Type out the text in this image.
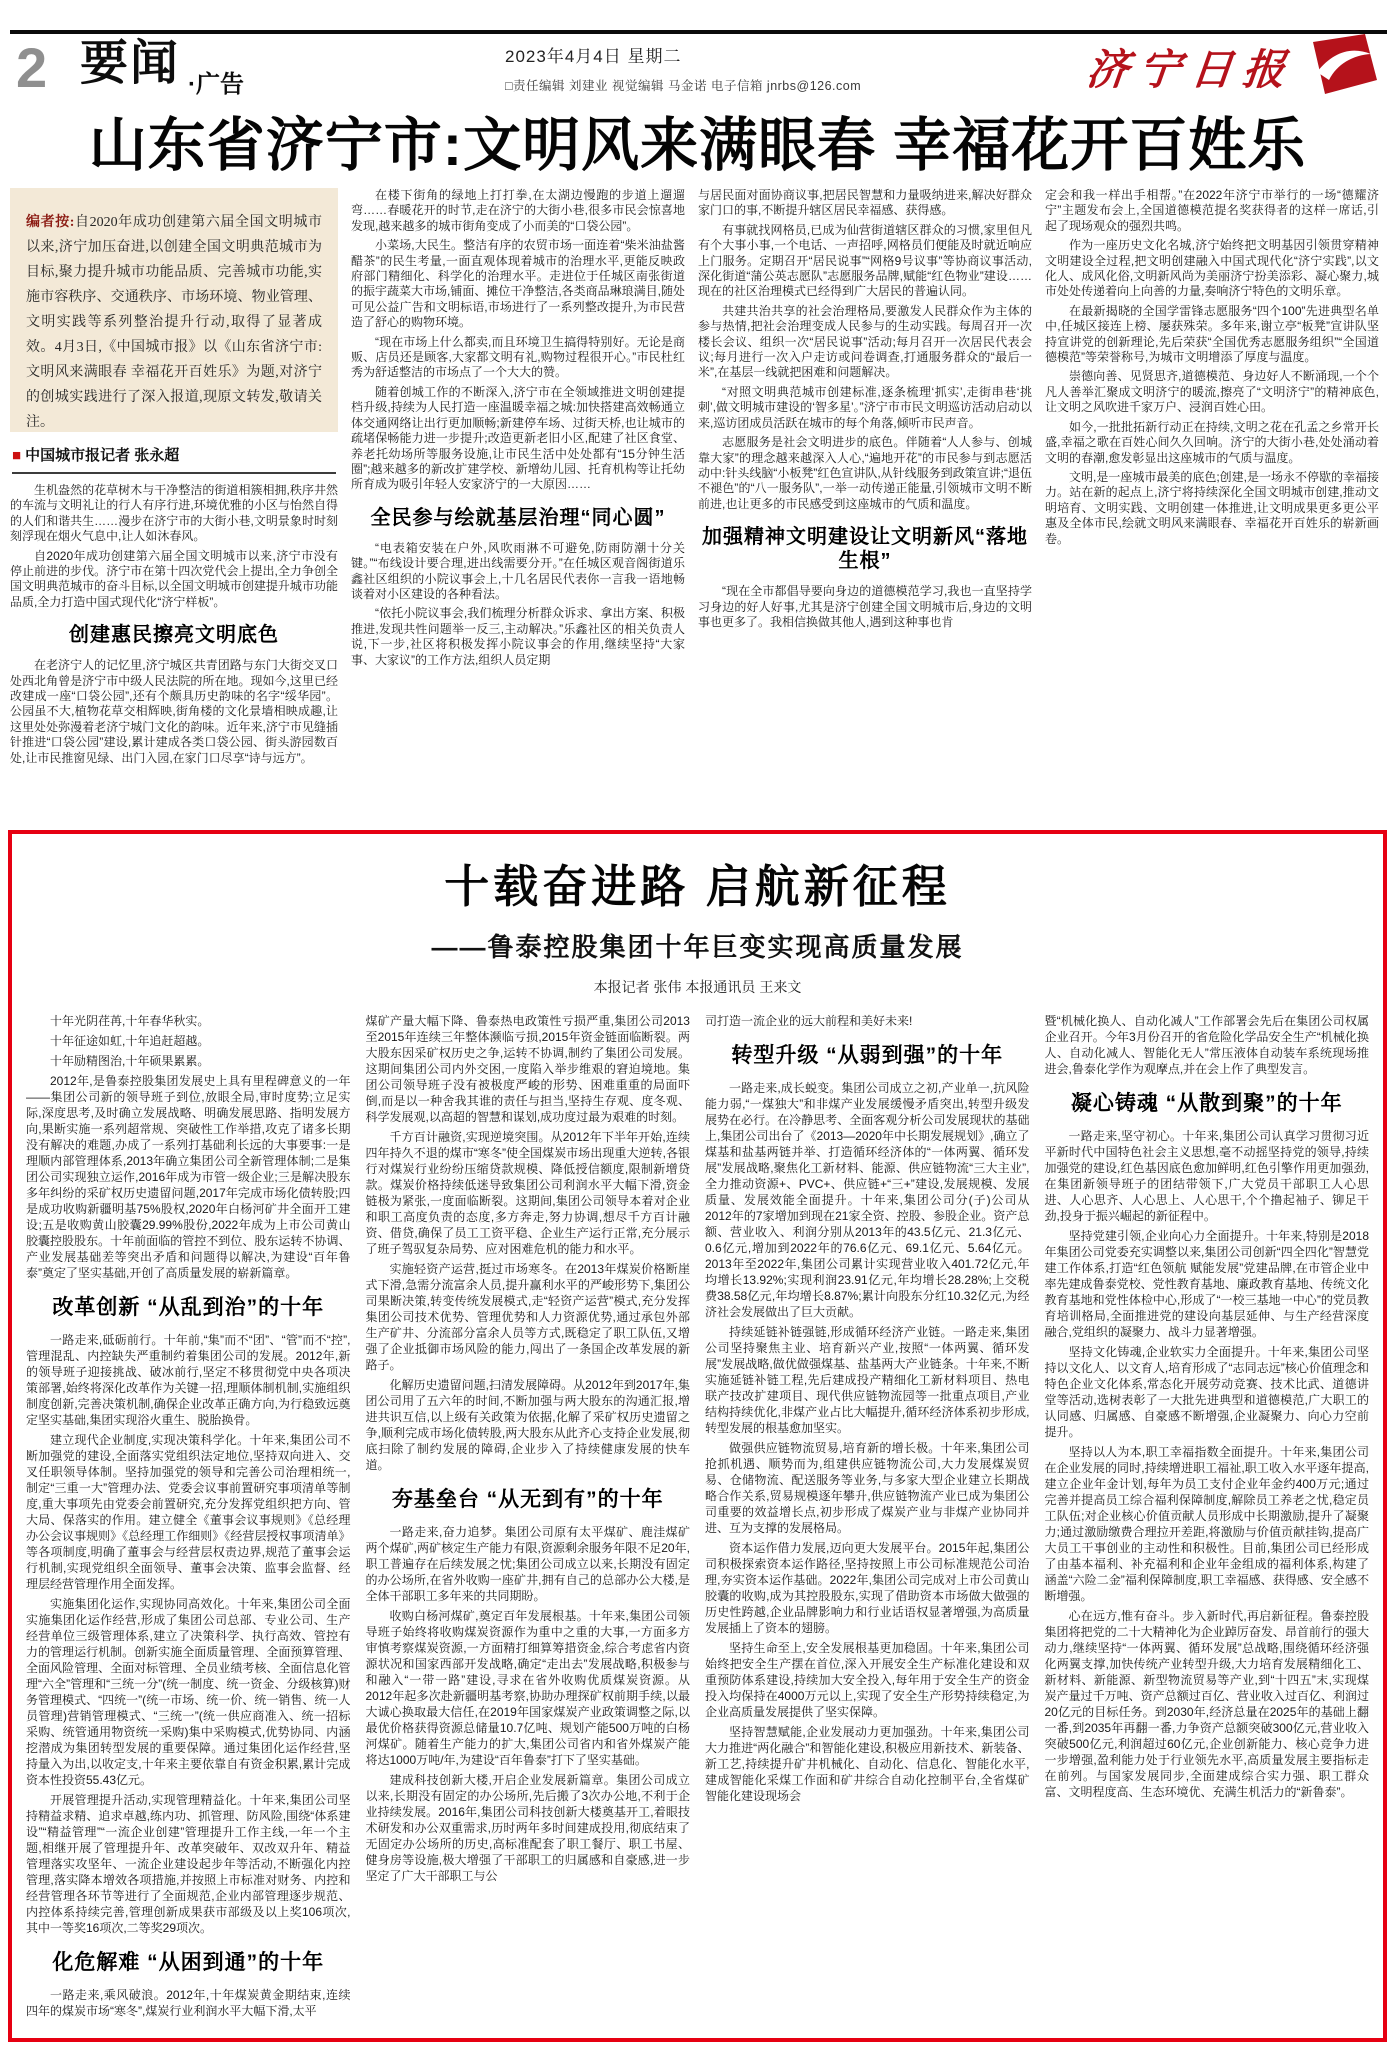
2 要闻 ·广告
2023年4月4日 星期二
□责任编辑 刘建业 视觉编辑 马金诺 电子信箱 jnrbs@126.com	济宁日报
山东省济宁市:文明风来满眼春 幸福花开百姓乐
编者按:自2020年成功创建第六届全国文明城市以来,济宁加压奋进,以创建全国文明典范城市为目标,聚力提升城市功能品质、完善城市功能,实施市容秩序、交通秩序、市场环境、物业管理、文明实践等系列整治提升行动,取得了显著成效。4月3日,《中国城市报》以《山东省济宁市:文明风来满眼春 幸福花开百姓乐》为题,对济宁的创城实践进行了深入报道,现原文转发,敬请关注。
■ 中国城市报记者 张永超

生机盎然的花草树木与干净整洁的街道相簇相拥,秩序井然的车流与文明礼让的行人有序行进,环境优雅的小区与怡然自得的人们和谐共生……漫步在济宁市的大街小巷,文明景象时时刻刻浮现在烟火气息中,让人如沐春风。

自2020年成功创建第六届全国文明城市以来,济宁市没有停止前进的步伐。济宁市在第十四次党代会上提出,全力争创全国文明典范城市的奋斗目标,以全国文明城市创建提升城市功能品质,全力打造中国式现代化“济宁样板”。

创建惠民擦亮文明底色

在老济宁人的记忆里,济宁城区共青团路与东门大街交叉口处西北角曾是济宁市中级人民法院的所在地。现如今,这里已经改建成一座“口袋公园”,还有个颇具历史韵味的名字“绥华园”。公园虽不大,植物花草交相辉映,街角楼的文化景墙相映成趣,让这里处处弥漫着老济宁城门文化的韵味。近年来,济宁市见缝插针推进“口袋公园”建设,累计建成各类口袋公园、街头游园数百处,让市民推窗见绿、出门入园,在家门口尽享“诗与远方”。

在楼下街角的绿地上打打拳,在太湖边慢跑的步道上遛遛弯……春暖花开的时节,走在济宁的大街小巷,很多市民会惊喜地发现,越来越多的城市街角变成了小而美的“口袋公园”。

小菜场,大民生。整洁有序的农贸市场一面连着“柴米油盐酱醋茶”的民生考量,一面直观体现着城市的治理水平,更能反映政府部门精细化、科学化的治理水平。走进位于任城区南张街道的振宇蔬菜大市场,铺面、摊位干净整洁,各类商品琳琅满目,随处可见公益广告和文明标语,市场进行了一系列整改提升,为市民营造了舒心的购物环境。

“现在市场上什么都卖,而且环境卫生搞得特别好。无论是商贩、店员还是顾客,大家都文明有礼,购物过程很开心。”市民杜红秀为舒适整洁的市场点了一个大大的赞。

随着创城工作的不断深入,济宁市在全领域推进文明创建提档升级,持续为人民打造一座温暖幸福之城:加快搭建高效畅通立体交通网络让出行更加顺畅;新建停车场、过街天桥,也让城市的疏堵保畅能力进一步提升;改造更新老旧小区,配建了社区食堂、养老托幼场所等服务设施,让市民生活中处处都有“15分钟生活圈”;越来越多的新改扩建学校、新增幼儿园、托育机构等让托幼所育成为吸引年轻人安家济宁的一大原因……

全民参与绘就基层治理“同心圆”

“电表箱安装在户外,风吹雨淋不可避免,防雨防潮十分关键。”“布线设计要合理,进出线需要分开。”在任城区观音阁街道乐鑫社区组织的小院议事会上,十几名居民代表你一言我一语地畅谈着对小区建设的各种看法。

“依托小院议事会,我们梳理分析群众诉求、拿出方案、积极推进,发现共性问题举一反三,主动解决。”乐鑫社区的相关负责人说,下一步,社区将积极发挥小院议事会的作用,继续坚持“大家事、大家议”的工作方法,组织人员定期

与居民面对面协商议事,把居民智慧和力量吸纳进来,解决好群众家门口的事,不断提升辖区居民幸福感、获得感。

有事就找网格员,已成为仙营街道辖区群众的习惯,家里但凡有个大事小事,一个电话、一声招呼,网格员们便能及时就近响应上门服务。定期召开“居民说事”“网格9号议事”等协商议事活动,深化街道“蒲公英志愿队”志愿服务品牌,赋能“红色物业”建设……现在的社区治理模式已经得到广大居民的普遍认同。

共建共治共享的社会治理格局,要激发人民群众作为主体的参与热情,把社会治理变成人民参与的生动实践。每周召开一次楼长会议、组织一次“居民说事”活动;每月召开一次居民代表会议;每月进行一次入户走访或问卷调查,打通服务群众的“最后一米”,在基层一线就把困难和问题解决。

“对照文明典范城市创建标准,逐条梳理‘抓实’,走街串巷‘挑刺’,做文明城市建设的‘智多星’。”济宁市市民文明巡访活动启动以来,巡访团成员活跃在城市的每个角落,倾听市民声音。

志愿服务是社会文明进步的底色。伴随着“人人参与、创城靠大家”的理念越来越深入人心,“遍地开花”的市民参与到志愿活动中:针头线脑“小板凳”红色宣讲队,从针线服务到政策宣讲;“退伍不褪色”的“八一服务队”,一举一动传递正能量,引领城市文明不断前进,也让更多的市民感受到这座城市的气质和温度。

加强精神文明建设让文明新风“落地生根”

“现在全市都倡导要向身边的道德模范学习,我也一直坚持学习身边的好人好事,尤其是济宁创建全国文明城市后,身边的文明事也更多了。我相信换做其他人,遇到这种事也肯

定会和我一样出手相帮。”在2022年济宁市举行的一场“德耀济宁”主题发布会上,全国道德模范提名奖获得者的这样一席话,引起了现场观众的强烈共鸣。

作为一座历史文化名城,济宁始终把文明基因引领贯穿精神文明建设全过程,把文明创建融入中国式现代化“济宁实践”,以文化人、成风化俗,文明新风尚为美丽济宁扮美添彩、凝心聚力,城市处处传递着向上向善的力量,奏响济宁特色的文明乐章。

在最新揭晓的全国学雷锋志愿服务“四个100”先进典型名单中,任城区接连上榜、屡获殊荣。多年来,谢立亭“板凳”宣讲队坚持宣讲党的创新理论,先后荣获“全国优秀志愿服务组织”“全国道德模范”等荣誉称号,为城市文明增添了厚度与温度。

崇德向善、见贤思齐,道德模范、身边好人不断涌现,一个个凡人善举汇聚成文明济宁的暖流,擦亮了“文明济宁”的精神底色,让文明之风吹进千家万户、浸润百姓心田。

如今,一批批拓新行动正在持续,文明之花在孔孟之乡常开长盛,幸福之歌在百姓心间久久回响。济宁的大街小巷,处处涌动着文明的春潮,愈发彰显出这座城市的气质与温度。

文明,是一座城市最美的底色;创建,是一场永不停歇的幸福接力。站在新的起点上,济宁将持续深化全国文明城市创建,推动文明培育、文明实践、文明创建一体推进,让文明成果更多更公平惠及全体市民,绘就文明风来满眼春、幸福花开百姓乐的崭新画卷。

十载奋进路 启航新征程
——鲁泰控股集团十年巨变实现高质量发展
本报记者 张伟 本报通讯员 王来文

十年光阴荏苒,十年春华秋实。

十年征途如虹,十年追赶超越。

十年励精图治,十年硕果累累。

2012年,是鲁泰控股集团发展史上具有里程碑意义的一年——集团公司新的领导班子到位,放眼全局,审时度势;立足实际,深度思考,及时确立发展战略、明确发展思路、指明发展方向,果断实施一系列超常规、突破性工作举措,攻克了诸多长期没有解决的难题,办成了一系列打基础利长远的大事要事:一是理顺内部管理体系,2013年确立集团公司全新管理体制;二是集团公司实现独立运作,2016年成为市管一级企业;三是解决股东多年纠纷的采矿权历史遗留问题,2017年完成市场化债转股;四是成功收购新疆明基75%股权,2020年白杨河矿井全面开工建设;五是收购黄山胶囊29.99%股份,2022年成为上市公司黄山胶囊控股股东。十年前面临的管控不到位、股东运转不协调、产业发展基础差等突出矛盾和问题得以解决,为建设“百年鲁泰”奠定了坚实基础,开创了高质量发展的崭新篇章。

改革创新 “从乱到治”的十年

一路走来,砥砺前行。十年前,“集”而不“团”、“管”而不“控”,管理混乱、内控缺失严重制约着集团公司的发展。2012年,新的领导班子迎接挑战、破冰前行,坚定不移贯彻党中央各项决策部署,始终将深化改革作为关键一招,理顺体制机制,实施组织制度创新,完善决策机制,确保企业改革正确方向,为行稳致远奠定坚实基础,集团实现浴火重生、脱胎换骨。

建立现代企业制度,实现决策科学化。十年来,集团公司不断加强党的建设,全面落实党组织法定地位,坚持双向进入、交叉任职领导体制。坚持加强党的领导和完善公司治理相统一,制定“三重一大”管理办法、党委会议事前置研究事项清单等制度,重大事项先由党委会前置研究,充分发挥党组织把方向、管大局、保落实的作用。建立健全《董事会议事规则》《总经理办公会议事规则》《总经理工作细则》《经营层授权事项清单》等各项制度,明确了董事会与经营层权责边界,规范了董事会运行机制,实现党组织全面领导、董事会决策、监事会监督、经理层经营管理作用全面发挥。

实施集团化运作,实现协同高效化。十年来,集团公司全面实施集团化运作经营,形成了集团公司总部、专业公司、生产经营单位三级管理体系,建立了决策科学、执行高效、管控有力的管理运行机制。创新实施全面质量管理、全面预算管理、全面风险管理、全面对标管理、全员业绩考核、全面信息化管理“六全”管理和“三统一分”(统一制度、统一资金、分级核算)财务管理模式、“四统一”(统一市场、统一价、统一销售、统一人员管理)营销管理模式、“三统一”(统一供应商准入、统一招标采购、统管通用物资统一采购)集中采购模式,优势协同、内涵挖潜成为集团转型发展的重要保障。通过集团化运作经营,坚持量入为出,以收定支,十年来主要依靠自有资金积累,累计完成资本性投资55.43亿元。

开展管理提升活动,实现管理精益化。十年来,集团公司坚持精益求精、追求卓越,练内功、抓管理、防风险,围绕“体系建设”“精益管理”“一流企业创建”管理提升工作主线,一年一个主题,相继开展了管理提升年、改革突破年、双改双升年、精益管理落实攻坚年、一流企业建设起步年等活动,不断强化内控管理,落实降本增效各项措施,并按照上市标准对财务、内控和经营管理各环节等进行了全面规范,企业内部管理逐步规范、内控体系持续完善,管理创新成果获市部级及以上奖106项次,其中一等奖16项次,二等奖29项次。

化危解难 “从困到通”的十年

一路走来,乘风破浪。2012年,十年煤炭黄金期结束,连续四年的煤炭市场“寒冬”,煤炭行业利润水平大幅下滑,太平

煤矿产量大幅下降、鲁泰热电政策性亏损严重,集团公司2013至2015年连续三年整体濒临亏损,2015年资金链面临断裂。两大股东因采矿权历史之争,运转不协调,制约了集团公司发展。这期间集团公司内外交困,一度陷入举步维艰的窘迫境地。集团公司领导班子没有被极度严峻的形势、困难重重的局面吓倒,而是以一种舍我其谁的责任与担当,坚持生存观、度冬观、科学发展观,以高超的智慧和谋划,成功度过最为艰难的时刻。

千方百计融资,实现逆境突围。从2012年下半年开始,连续四年持久不退的煤市“寒冬”使全国煤炭市场出现重大逆转,各银行对煤炭行业纷纷压缩贷款规模、降低授信额度,限制新增贷款。煤炭价格持续低迷导致集团公司利润水平大幅下滑,资金链极为紧张,一度面临断裂。这期间,集团公司领导本着对企业和职工高度负责的态度,多方奔走,努力协调,想尽千方百计融资、借贷,确保了员工工资平稳、企业生产运行正常,充分展示了班子驾驭复杂局势、应对困难危机的能力和水平。

实施轻资产运营,挺过市场寒冬。在2013年煤炭价格断崖式下滑,急需分流富余人员,提升赢利水平的严峻形势下,集团公司果断决策,转变传统发展模式,走“轻资产运营”模式,充分发挥集团公司技术优势、管理优势和人力资源优势,通过承包外部生产矿井、分流部分富余人员等方式,既稳定了职工队伍,又增强了企业抵御市场风险的能力,闯出了一条国企改革发展的新路子。

化解历史遗留问题,扫清发展障碍。从2012年到2017年,集团公司用了五六年的时间,不断加强与两大股东的沟通汇报,增进共识互信,以上级有关政策为依据,化解了采矿权历史遗留之争,顺利完成市场化债转股,两大股东从此齐心支持企业发展,彻底扫除了制约发展的障碍,企业步入了持续健康发展的快车道。

夯基垒台 “从无到有”的十年

一路走来,奋力追梦。集团公司原有太平煤矿、鹿洼煤矿两个煤矿,两矿核定生产能力有限,资源剩余服务年限不足20年,职工普遍存在后续发展之忧;集团公司成立以来,长期没有固定的办公场所,在省外收购一座矿井,拥有自己的总部办公大楼,是全体干部职工多年来的共同期盼。

收购白杨河煤矿,奠定百年发展根基。十年来,集团公司领导班子始终将收购煤炭资源作为重中之重的大事,一方面多方审慎考察煤炭资源,一方面精打细算筹措资金,综合考虑省内资源状况和国家西部开发战略,确定“走出去”发展战略,积极参与和融入“一带一路”建设,寻求在省外收购优质煤炭资源。从2012年起多次赴新疆明基考察,协助办理探矿权前期手续,以最大诚心换取最大信任,在2019年国家煤炭产业政策调整之际,以最优价格获得资源总储量10.7亿吨、规划产能500万吨的白杨河煤矿。随着生产能力的扩大,集团公司省内和省外煤炭产能将达1000万吨/年,为建设“百年鲁泰”打下了坚实基础。

建成科技创新大楼,开启企业发展新篇章。集团公司成立以来,长期没有固定的办公场所,先后搬了3次办公地,不利于企业持续发展。2016年,集团公司科技创新大楼奠基开工,着眼技术研发和办公双重需求,历时两年多时间建成投用,彻底结束了无固定办公场所的历史,高标准配套了职工餐厅、职工书屋、健身房等设施,极大增强了干部职工的归属感和自豪感,进一步坚定了广大干部职工与公

司打造一流企业的远大前程和美好未来!

转型升级 “从弱到强”的十年

一路走来,成长蜕变。集团公司成立之初,产业单一,抗风险能力弱,“一煤独大”和非煤产业发展缓慢矛盾突出,转型升级发展势在必行。在冷静思考、全面客观分析公司发展现状的基础上,集团公司出台了《2013—2020年中长期发展规划》,确立了煤基和盐基两链并举、打造循环经济体的“一体两翼、循环发展”发展战略,聚焦化工新材料、能源、供应链物流“三大主业”,全力推动资源+、PVC+、供应链+“三+”建设,发展规模、发展质量、发展效能全面提升。十年来,集团公司分(子)公司从2012年的7家增加到现在21家全资、控股、参股企业。资产总额、营业收入、利润分别从2013年的43.5亿元、21.3亿元、0.6亿元,增加到2022年的76.6亿元、69.1亿元、5.64亿元。2013年至2022年,集团公司累计实现营业收入401.72亿元,年均增长13.92%;实现利润23.91亿元,年均增长28.28%;上交税费38.58亿元,年均增长8.87%;累计向股东分红10.32亿元,为经济社会发展做出了巨大贡献。

持续延链补链强链,形成循环经济产业链。一路走来,集团公司坚持聚焦主业、培育新兴产业,按照“一体两翼、循环发展”发展战略,做优做强煤基、盐基两大产业链条。十年来,不断实施延链补链工程,先后建成投产精细化工新材料项目、热电联产技改扩建项目、现代供应链物流园等一批重点项目,产业结构持续优化,非煤产业占比大幅提升,循环经济体系初步形成,转型发展的根基愈加坚实。

做强供应链物流贸易,培育新的增长极。十年来,集团公司抢抓机遇、顺势而为,组建供应链物流公司,大力发展煤炭贸易、仓储物流、配送服务等业务,与多家大型企业建立长期战略合作关系,贸易规模逐年攀升,供应链物流产业已成为集团公司重要的效益增长点,初步形成了煤炭产业与非煤产业协同并进、互为支撑的发展格局。

资本运作借力发展,迈向更大发展平台。2015年起,集团公司积极探索资本运作路径,坚持按照上市公司标准规范公司治理,夯实资本运作基础。2022年,集团公司完成对上市公司黄山胶囊的收购,成为其控股股东,实现了借助资本市场做大做强的历史性跨越,企业品牌影响力和行业话语权显著增强,为高质量发展插上了资本的翅膀。

坚持生命至上,安全发展根基更加稳固。十年来,集团公司始终把安全生产摆在首位,深入开展安全生产标准化建设和双重预防体系建设,持续加大安全投入,每年用于安全生产的资金投入均保持在4000万元以上,实现了安全生产形势持续稳定,为企业高质量发展提供了坚实保障。

坚持智慧赋能,企业发展动力更加强劲。十年来,集团公司大力推进“两化融合”和智能化建设,积极应用新技术、新装备、新工艺,持续提升矿井机械化、自动化、信息化、智能化水平,建成智能化采煤工作面和矿井综合自动化控制平台,全省煤矿智能化建设现场会

暨“机械化换人、自动化减人”工作部署会先后在集团公司权属企业召开。今年3月份召开的省危险化学品安全生产“机械化换人、自动化减人、智能化无人”常压液体自动装车系统现场推进会,鲁泰化学作为观摩点,并在会上作了典型发言。

凝心铸魂 “从散到聚”的十年

一路走来,坚守初心。十年来,集团公司认真学习贯彻习近平新时代中国特色社会主义思想,毫不动摇坚持党的领导,持续加强党的建设,红色基因底色愈加鲜明,红色引擎作用更加强劲,在集团新领导班子的团结带领下,广大党员干部职工人心思进、人心思齐、人心思上、人心思干,个个撸起袖子、铆足干劲,投身于振兴崛起的新征程中。

坚持党建引领,企业向心力全面提升。十年来,特别是2018年集团公司党委充实调整以来,集团公司创新“四全四化”智慧党建工作体系,打造“红色领航 赋能发展”党建品牌,在市管企业中率先建成鲁泰党校、党性教育基地、廉政教育基地、传统文化教育基地和党性体检中心,形成了“一校三基地一中心”的党员教育培训格局,全面推进党的建设向基层延伸、与生产经营深度融合,党组织的凝聚力、战斗力显著增强。

坚持文化铸魂,企业软实力全面提升。十年来,集团公司坚持以文化人、以文育人,培育形成了“志同志远”核心价值理念和特色企业文化体系,常态化开展劳动竞赛、技术比武、道德讲堂等活动,选树表彰了一大批先进典型和道德模范,广大职工的认同感、归属感、自豪感不断增强,企业凝聚力、向心力空前提升。

坚持以人为本,职工幸福指数全面提升。十年来,集团公司在企业发展的同时,持续增进职工福祉,职工收入水平逐年提高,建立企业年金计划,每年为员工支付企业年金约400万元;通过完善并提高员工综合福利保障制度,解除员工养老之忧,稳定员工队伍;对企业核心价值贡献人员形成中长期激励,提升了凝聚力;通过激励缴费合理拉开差距,将激励与价值贡献挂钩,提高广大员工干事创业的主动性和积极性。目前,集团公司已经形成了由基本福利、补充福利和企业年金组成的福利体系,构建了涵盖“六险二金”福利保障制度,职工幸福感、获得感、安全感不断增强。

心在远方,惟有奋斗。步入新时代,再启新征程。鲁泰控股集团将把党的二十大精神化为企业踔厉奋发、昂首前行的强大动力,继续坚持“一体两翼、循环发展”总战略,围绕循环经济强化两翼支撑,加快传统产业转型升级,大力培育发展精细化工、新材料、新能源、新型物流贸易等产业,到“十四五”末,实现煤炭产量过千万吨、资产总额过百亿、营业收入过百亿、利润过20亿元的目标任务。到2030年,经济总量在2025年的基础上翻一番,到2035年再翻一番,力争资产总额突破300亿元,营业收入突破500亿元,利润超过60亿元,企业创新能力、核心竞争力进一步增强,盈利能力处于行业领先水平,高质量发展主要指标走在前列。与国家发展同步,全面建成综合实力强、职工群众富、文明程度高、生态环境优、充满生机活力的“新鲁泰”。
